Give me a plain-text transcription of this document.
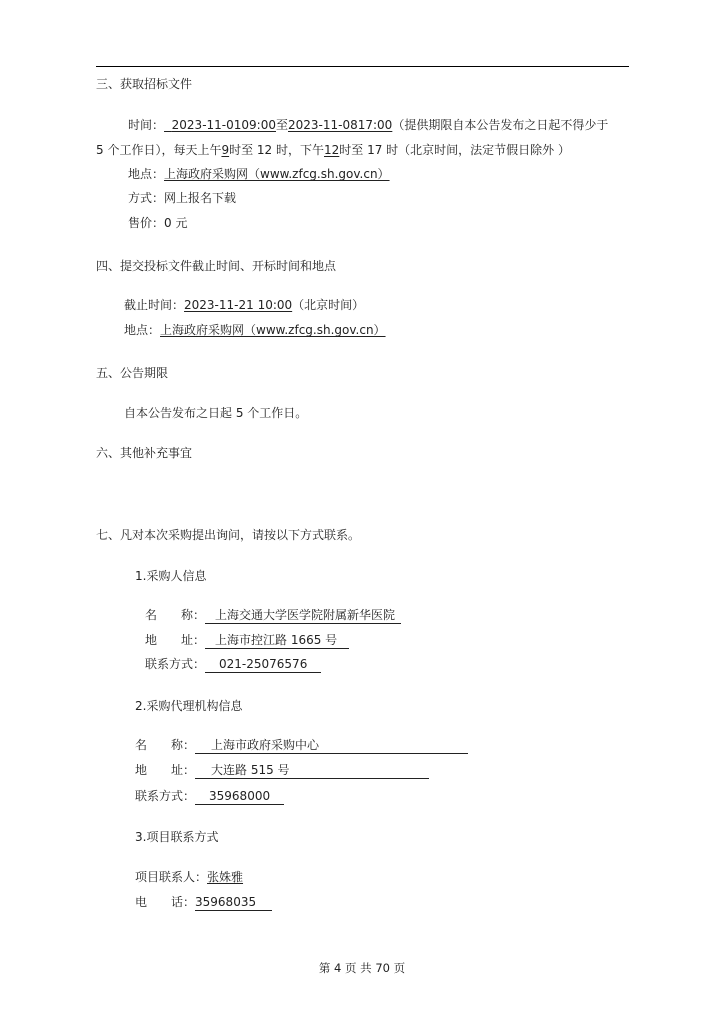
三、获取招标文件
时间： 2023-11-0109:00至2023-11-0817:00（提供期限自本公告发布之日起不得少于
5 个工作日），每天上午9时至 12 时，下午12时至 17 时（北京时间，法定节假日除外 ）
地点：上海政府采购网（www.zfcg.sh.gov.cn）
方式：网上报名下载
售价：0 元
四、提交投标文件截止时间、开标时间和地点
截止时间：2023-11-21 10:00（北京时间）
地点：上海政府采购网（www.zfcg.sh.gov.cn）
五、公告期限
自本公告发布之日起 5 个工作日。
六、其他补充事宜
七、凡对本次采购提出询问，请按以下方式联系。
1.采购人信息
名　　称： 上海交通大学医学院附属新华医院
地　　址： 上海市控江路 1665 号
联系方式： 021-25076576
2.采购代理机构信息
名　　称： 上海市政府采购中心
地　　址： 大连路 515 号
联系方式： 35968000
3.项目联系方式
项目联系人：张姝雅
电　　话：35968035
第 4 页 共 70 页
